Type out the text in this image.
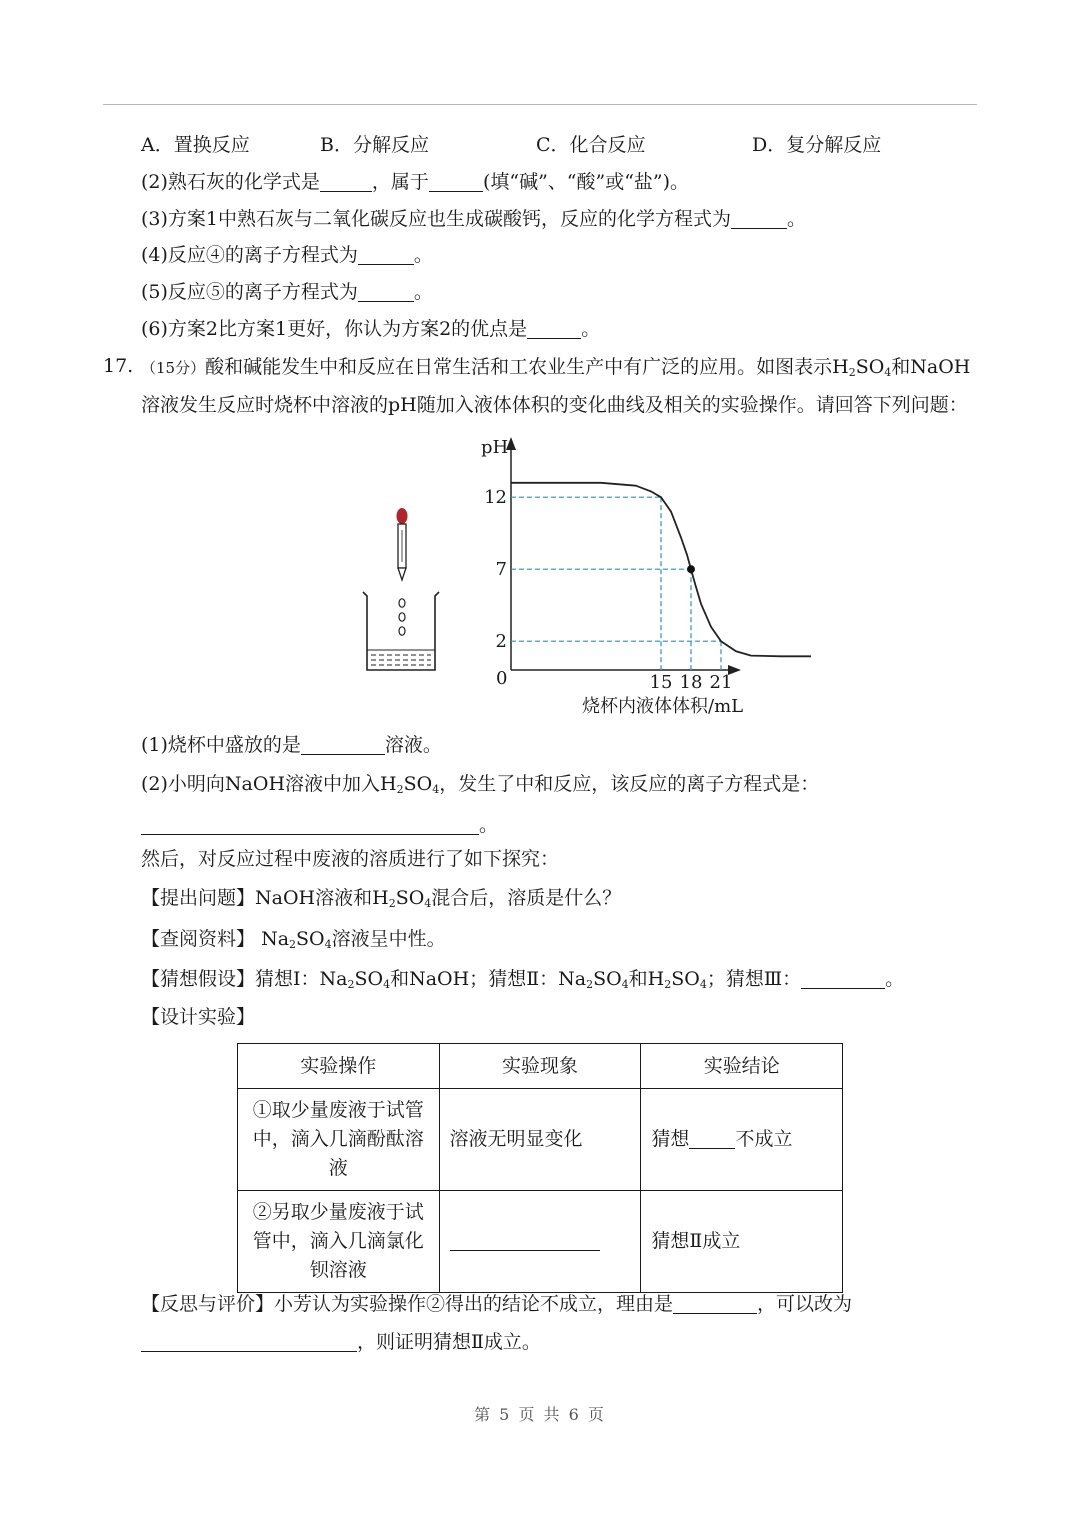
A．置换反应	B．分解反应	C．化合反应	D．复分解反应
(2)熟石灰的化学式是	，属于	(填“碱”、“酸”或“盐”)。
(3)方案1中熟石灰与二氧化碳反应也生成碳酸钙，反应的化学方程式为	。
(4)反应④的离子方程式为	。
(5)反应⑤的离子方程式为	。
(6)方案2比方案1更好，你认为方案2的优点是	。
17. （15分）酸和碱能发生中和反应在日常生活和工农业生产中有广泛的应用。如图表示$H_2SO_4$和NaOH
溶液发生反应时烧杯中溶液的pH随加入液体体积的变化曲线及相关的实验操作。请回答下列问题：
12
7
2
15 18 21
pH
0
烧杯内液体体积/mL
(1)烧杯中盛放的是	溶液。
(2)小明向NaOH溶液中加入$H_2SO_4$，发生了中和反应，该反应的离子方程式是：
。
然后，对反应过程中废液的溶质进行了如下探究：
【提出问题】NaOH溶液和$H_2SO_4$混合后，溶质是什么？
【查阅资料】 $Na_2SO_4$溶液呈中性。
【猜想假设】猜想Ⅰ：$Na_2SO_4$和NaOH；猜想Ⅱ：$Na_2SO_4$和$H_2SO_4$；猜想Ⅲ：	。
【设计实验】
实验操作	实验现象	实验结论
①取少量废液于试管中，滴入几滴酚酞溶液	溶液无明显变化	猜想 不成立
②另取少量废液于试管中，滴入几滴氯化钡溶液		猜想Ⅱ成立
【反思与评价】小芳认为实验操作②得出的结论不成立，理由是	，可以改为
，则证明猜想Ⅱ成立。
第 5 页 共 6 页
